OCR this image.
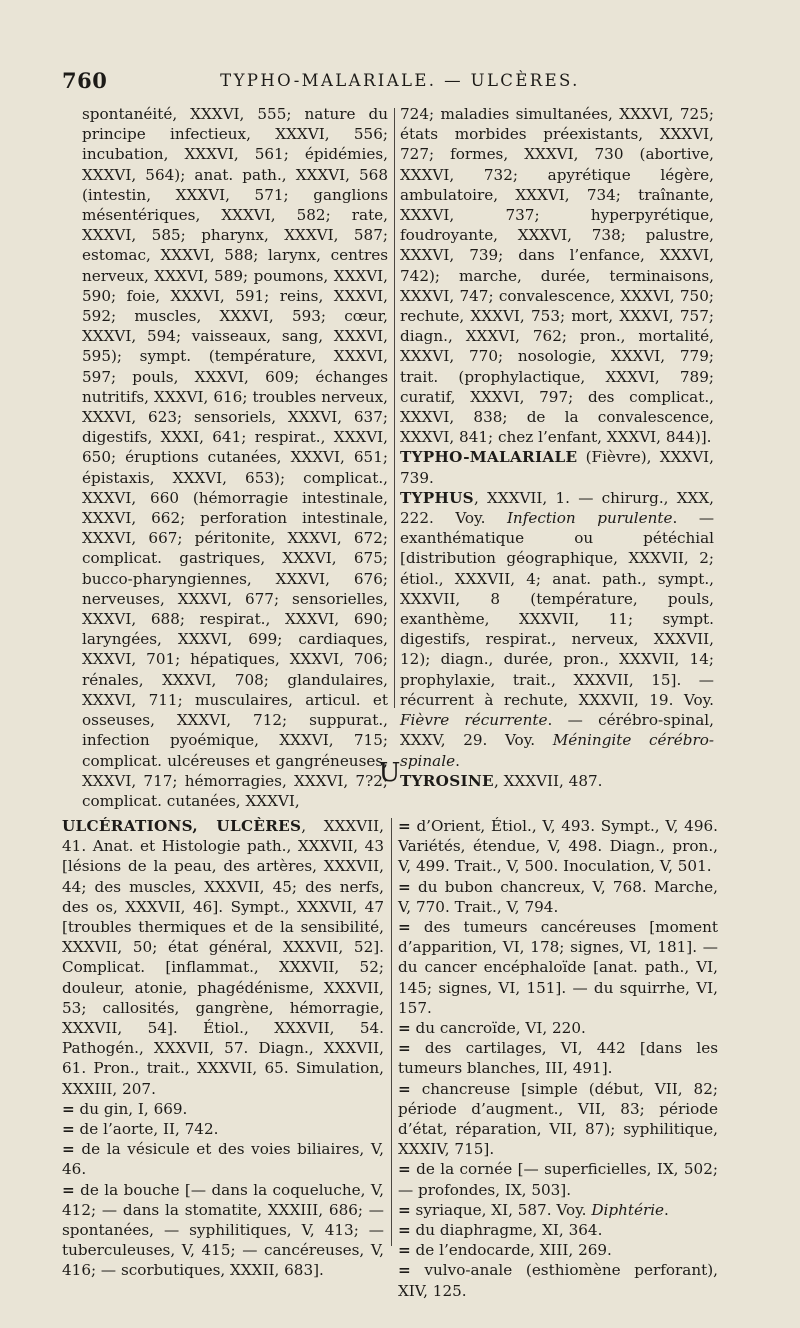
760	TYPHO-MALARIALE. — ULCÈRES.

spontanéité, XXXVI, 555; nature du principe infectieux, XXXVI, 556; incubation, XXXVI, 561; épidémies, XXXVI, 564); anat. path., XXXVI, 568 (intestin, XXXVI, 571; ganglions mésentériques, XXXVI, 582; rate, XXXVI, 585; pharynx, XXXVI, 587; estomac, XXXVI, 588; larynx, centres nerveux, XXXVI, 589; poumons, XXXVI, 590; foie, XXXVI, 591; reins, XXXVI, 592; muscles, XXXVI, 593; cœur, XXXVI, 594; vaisseaux, sang, XXXVI, 595); sympt. (température, XXXVI, 597; pouls, XXXVI, 609; échanges nutritifs, XXXVI, 616; troubles nerveux, XXXVI, 623; sensoriels, XXXVI, 637; digestifs, XXXI, 641; respirat., XXXVI, 650; éruptions cutanées, XXXVI, 651; épistaxis, XXXVI, 653); complicat., XXXVI, 660 (hémorragie intestinale, XXXVI, 662; perforation intestinale, XXXVI, 667; péritonite, XXXVI, 672; complicat. gastriques, XXXVI, 675; bucco-pharyngiennes, XXXVI, 676; nerveuses, XXXVI, 677; sensorielles, XXXVI, 688; respirat., XXXVI, 690; laryngées, XXXVI, 699; cardiaques, XXXVI, 701; hépatiques, XXXVI, 706; rénales, XXXVI, 708; glandulaires, XXXVI, 711; musculaires, articul. et osseuses, XXXVI, 712; suppurat., infection pyoémique, XXXVI, 715; complicat. ulcéreuses et gangréneuses, XXXVI, 717; hémorragies, XXXVI, 7?2; complicat. cutanées, XXXVI,

724; maladies simultanées, XXXVI, 725; états morbides préexistants, XXXVI, 727; formes, XXXVI, 730 (abortive, XXXVI, 732; apyrétique légère, ambulatoire, XXXVI, 734; traînante, XXXVI, 737; hyperpyrétique, foudroyante, XXXVI, 738; palustre, XXXVI, 739; dans l’enfance, XXXVI, 742); marche, durée, terminaisons, XXXVI, 747; convalescence, XXXVI, 750; rechute, XXXVI, 753; mort, XXXVI, 757; diagn., XXXVI, 762; pron., mortalité, XXXVI, 770; nosologie, XXXVI, 779; trait. (prophylactique, XXXVI, 789; curatif, XXXVI, 797; des complicat., XXXVI, 838; de la convalescence, XXXVI, 841; chez l’enfant, XXXVI, 844)].

TYPHO-MALARIALE (Fièvre), XXXVI, 739.

TYPHUS, XXXVII, 1. — chirurg., XXX, 222. Voy. Infection purulente. — exanthématique ou pétéchial [distribution géographique, XXXVII, 2; étiol., XXXVII, 4; anat. path., sympt., XXXVII, 8 (température, pouls, exanthème, XXXVII, 11; sympt. digestifs, respirat., nerveux, XXXVII, 12); diagn., durée, pron., XXXVII, 14; prophylaxie, trait., XXXVII, 15]. — récurrent à rechute, XXXVII, 19. Voy. Fièvre récurrente. — cérébro-spinal, XXXV, 29. Voy. Méningite cérébro-spinale.

TYROSINE, XXXVII, 487.

U

ULCÉRATIONS, ULCÈRES, XXXVII, 41. Anat. et Histologie path., XXXVII, 43 [lésions de la peau, des artères, XXXVII, 44; des muscles, XXXVII, 45; des nerfs, des os, XXXVII, 46]. Sympt., XXXVII, 47 [troubles thermiques et de la sensibilité, XXXVII, 50; état général, XXXVII, 52]. Complicat. [inflammat., XXXVII, 52; douleur, atonie, phagédénisme, XXXVII, 53; callosités, gangrène, hémorragie, XXXVII, 54]. Étiol., XXXVII, 54. Pathogén., XXXVII, 57. Diagn., XXXVII, 61. Pron., trait., XXXVII, 65. Simulation, XXXIII, 207.

= du gin, I, 669.

= de l’aorte, II, 742.

= de la vésicule et des voies biliaires, V, 46.

= de la bouche [— dans la coqueluche, V, 412; — dans la stomatite, XXXIII, 686; — spontanées, — syphilitiques, V, 413; — tuberculeuses, V, 415; — cancéreuses, V, 416; — scorbutiques, XXXII, 683].

= d’Orient, Étiol., V, 493. Sympt., V, 496. Variétés, étendue, V, 498. Diagn., pron., V, 499. Trait., V, 500. Inoculation, V, 501.

= du bubon chancreux, V, 768. Marche, V, 770. Trait., V, 794.

= des tumeurs cancéreuses [moment d’apparition, VI, 178; signes, VI, 181]. — du cancer encéphaloïde [anat. path., VI, 145; signes, VI, 151]. — du squirrhe, VI, 157.

= du cancroïde, VI, 220.

= des cartilages, VI, 442 [dans les tumeurs blanches, III, 491].

= chancreuse [simple (début, VII, 82; période d’augment., VII, 83; période d’état, réparation, VII, 87); syphilitique, XXXIV, 715].

= de la cornée [— superficielles, IX, 502; — profondes, IX, 503].

= syriaque, XI, 587. Voy. Diphtérie.

= du diaphragme, XI, 364.

= de l’endocarde, XIII, 269.

= vulvo-anale (esthiomène perforant), XIV, 125.
